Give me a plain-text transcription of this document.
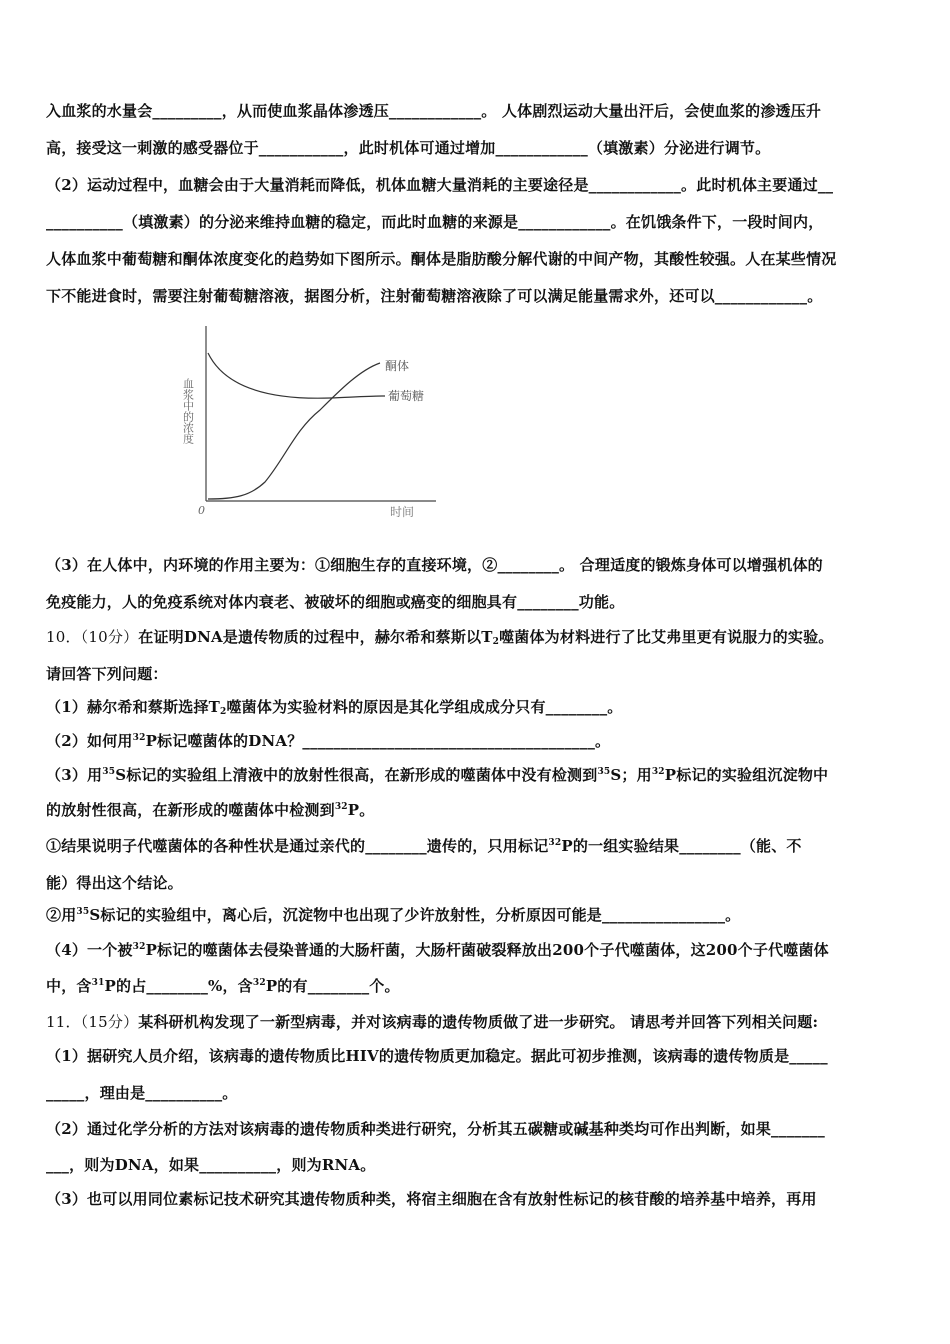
入血浆的水量会_________，从而使血浆晶体渗透压____________。 人体剧烈运动大量出汗后，会使血浆的渗透压升
高，接受这一刺激的感受器位于___________，此时机体可通过增加____________（填激素）分泌进行调节。
（2）运动过程中，血糖会由于大量消耗而降低，机体血糖大量消耗的主要途径是____________。此时机体主要通过__
__________（填激素）的分泌来维持血糖的稳定，而此时血糖的来源是____________。在饥饿条件下，一段时间内，
人体血浆中葡萄糖和酮体浓度变化的趋势如下图所示。酮体是脂肪酸分解代谢的中间产物，其酸性较强。人在某些情况
下不能进食时，需要注射葡萄糖溶液，据图分析，注射葡萄糖溶液除了可以满足能量需求外，还可以____________。
酮体
葡萄糖
血浆中的浓度
0	时间
（3）在人体中，内环境的作用主要为：①细胞生存的直接环境，②________。 合理适度的锻炼身体可以增强机体的
免疫能力，人的免疫系统对体内衰老、被破坏的细胞或癌变的细胞具有________功能。
10．（10分）在证明DNA是遗传物质的过程中，赫尔希和蔡斯以$T_2$噬菌体为材料进行了比艾弗里更有说服力的实验。
请回答下列问题：
（1）赫尔希和蔡斯选择$T_2$噬菌体为实验材料的原因是其化学组成成分只有________。
（2）如何用$^{32}$P标记噬菌体的DNA？______________________________________。
（3）用$^{35}$S标记的实验组上清液中的放射性很高，在新形成的噬菌体中没有检测到$^{35}$S；用$^{32}$P标记的实验组沉淀物中
的放射性很高，在新形成的噬菌体中检测到$^{32}$P。
①结果说明子代噬菌体的各种性状是通过亲代的________遗传的，只用标记$^{32}$P的一组实验结果________（能、不
能）得出这个结论。
②用$^{35}$S标记的实验组中，离心后，沉淀物中也出现了少许放射性，分析原因可能是________________。
（4）一个被$^{32}$P标记的噬菌体去侵染普通的大肠杆菌，大肠杆菌破裂释放出200个子代噬菌体，这200个子代噬菌体
中，含$^{31}$P的占________%，含$^{32}$P的有________个。
11．（15分）某科研机构发现了一新型病毒，并对该病毒的遗传物质做了进一步研究。 请思考并回答下列相关问题:
（1）据研究人员介绍，该病毒的遗传物质比HIV的遗传物质更加稳定。据此可初步推测，该病毒的遗传物质是_____
_____，理由是__________。
（2）通过化学分析的方法对该病毒的遗传物质种类进行研究，分析其五碳糖或碱基种类均可作出判断，如果_______
___，则为DNA，如果__________，则为RNA。
（3）也可以用同位素标记技术研究其遗传物质种类，将宿主细胞在含有放射性标记的核苷酸的培养基中培养，再用
